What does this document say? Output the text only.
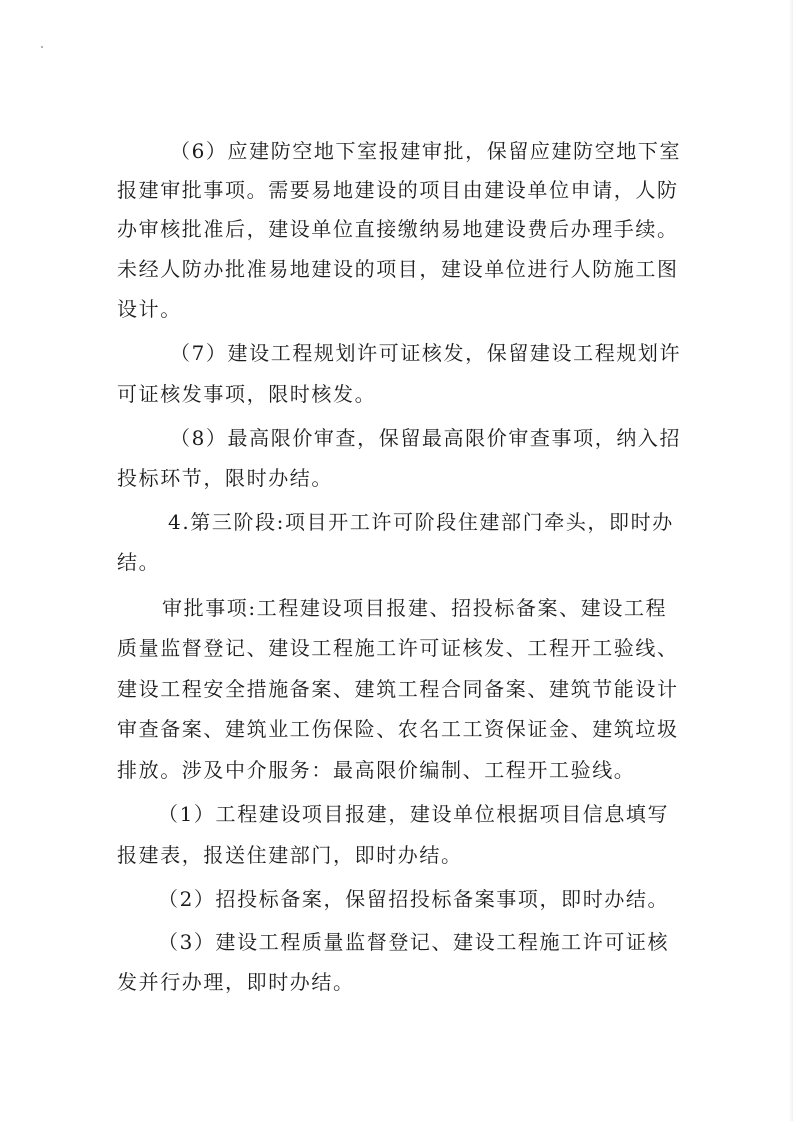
（6）应建防空地下室报建审批，保留应建防空地下室
报建审批事项。需要易地建设的项目由建设单位申请，人防
办审核批准后，建设单位直接缴纳易地建设费后办理手续。
未经人防办批准易地建设的项目，建设单位进行人防施工图
设计。
（7）建设工程规划许可证核发，保留建设工程规划许
可证核发事项，限时核发。
（8）最高限价审查，保留最高限价审查事项，纳入招
投标环节，限时办结。
4.第三阶段:项目开工许可阶段住建部门牵头，即时办
结。
审批事项:工程建设项目报建、招投标备案、建设工程
质量监督登记、建设工程施工许可证核发、工程开工验线、
建设工程安全措施备案、建筑工程合同备案、建筑节能设计
审查备案、建筑业工伤保险、农名工工资保证金、建筑垃圾
排放。涉及中介服务：最高限价编制、工程开工验线。
（1）工程建设项目报建，建设单位根据项目信息填写
报建表，报送住建部门，即时办结。
（2）招投标备案，保留招投标备案事项，即时办结。
（3）建设工程质量监督登记、建设工程施工许可证核
发并行办理，即时办结。
